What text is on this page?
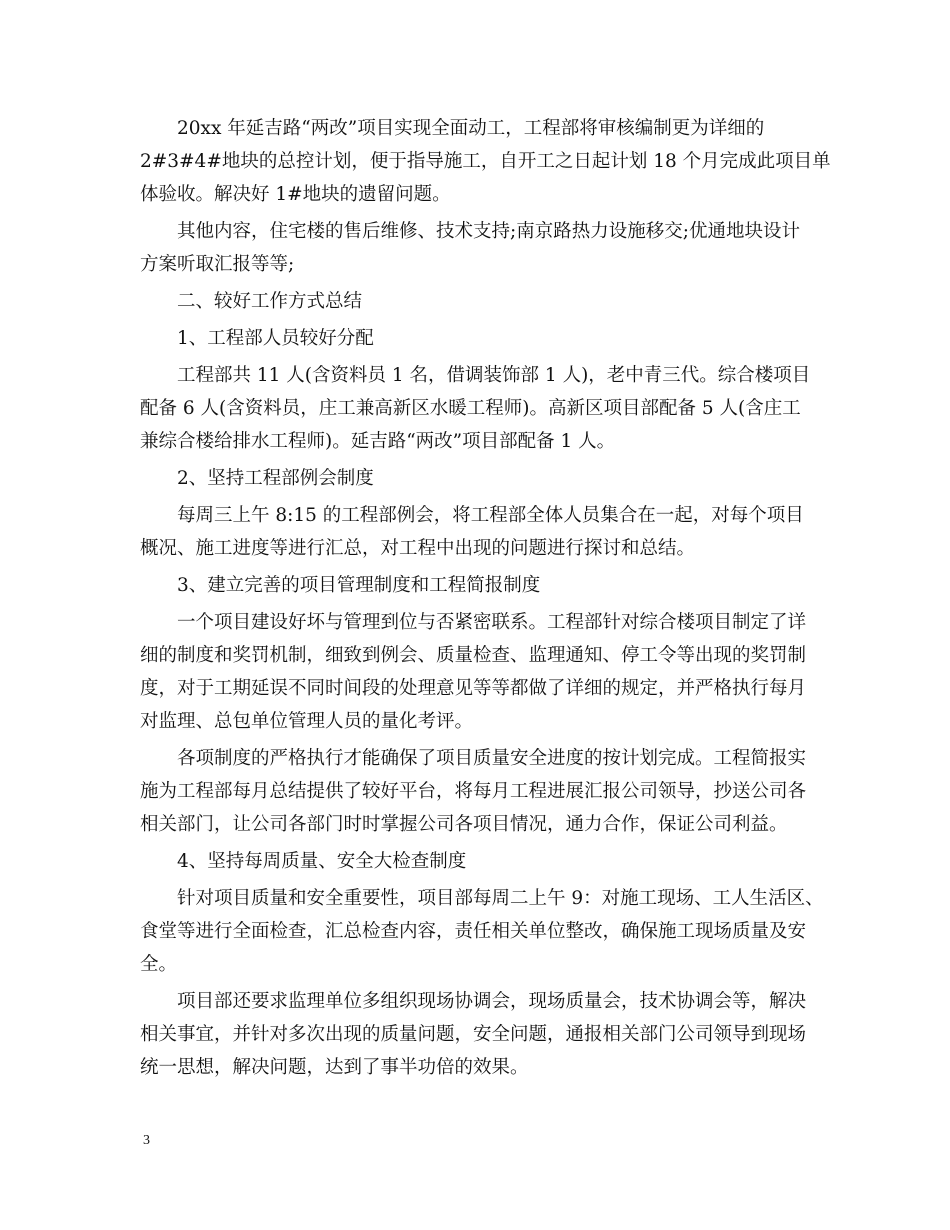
20xx 年延吉路“两改”项目实现全面动工，工程部将审核编制更为详细的
2#3#4#地块的总控计划，便于指导施工，自开工之日起计划 18 个月完成此项目单
体验收。解决好 1#地块的遗留问题。
其他内容，住宅楼的售后维修、技术支持;南京路热力设施移交;优通地块设计
方案听取汇报等等;
二、较好工作方式总结
1、工程部人员较好分配
工程部共 11 人(含资料员 1 名，借调装饰部 1 人)，老中青三代。综合楼项目
配备 6 人(含资料员，庄工兼高新区水暖工程师)。高新区项目部配备 5 人(含庄工
兼综合楼给排水工程师)。延吉路“两改”项目部配备 1 人。
2、坚持工程部例会制度
每周三上午 8:15 的工程部例会，将工程部全体人员集合在一起，对每个项目
概况、施工进度等进行汇总，对工程中出现的问题进行探讨和总结。
3、建立完善的项目管理制度和工程简报制度
一个项目建设好坏与管理到位与否紧密联系。工程部针对综合楼项目制定了详
细的制度和奖罚机制，细致到例会、质量检查、监理通知、停工令等出现的奖罚制
度，对于工期延误不同时间段的处理意见等等都做了详细的规定，并严格执行每月
对监理、总包单位管理人员的量化考评。
各项制度的严格执行才能确保了项目质量安全进度的按计划完成。工程简报实
施为工程部每月总结提供了较好平台，将每月工程进展汇报公司领导，抄送公司各
相关部门，让公司各部门时时掌握公司各项目情况，通力合作，保证公司利益。
4、坚持每周质量、安全大检查制度
针对项目质量和安全重要性，项目部每周二上午 9：对施工现场、工人生活区、
食堂等进行全面检查，汇总检查内容，责任相关单位整改，确保施工现场质量及安
全。
项目部还要求监理单位多组织现场协调会，现场质量会，技术协调会等，解决
相关事宜，并针对多次出现的质量问题，安全问题，通报相关部门公司领导到现场
统一思想，解决问题，达到了事半功倍的效果。
3
